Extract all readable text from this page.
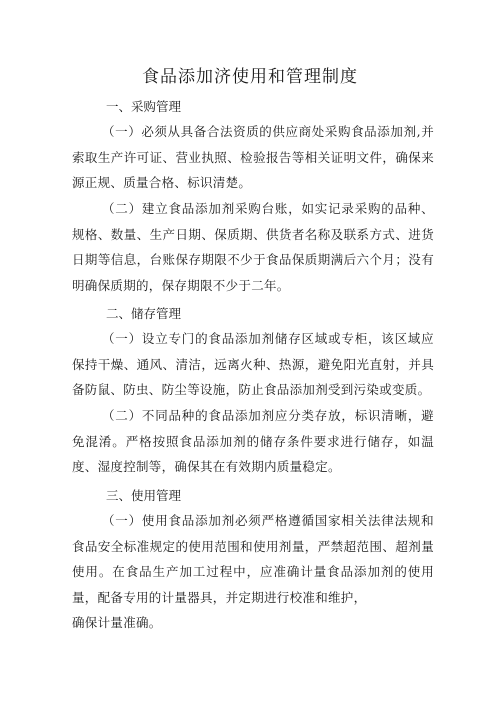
食品添加济使用和管理制度
一、采购管理
（一）必须从具备合法资质的供应商处采购食品添加剂,并索取生产许可证、营业执照、检验报告等相关证明文件，确保来源正规、质量合格、标识清楚。
（二）建立食品添加剂采购台账，如实记录采购的品种、规格、数量、生产日期、保质期、供货者名称及联系方式、进货日期等信息，台账保存期限不少于食品保质期满后六个月；没有明确保质期的，保存期限不少于二年。
二、储存管理
（一）设立专门的食品添加剂储存区域或专柜，该区域应保持干燥、通风、清洁，远离火种、热源，避免阳光直射，并具备防鼠、防虫、防尘等设施，防止食品添加剂受到污染或变质。
（二）不同品种的食品添加剂应分类存放，标识清晰，避免混淆。严格按照食品添加剂的储存条件要求进行储存，如温度、湿度控制等，确保其在有效期内质量稳定。
三、使用管理
（一）使用食品添加剂必须严格遵循国家相关法律法规和食品安全标准规定的使用范围和使用剂量，严禁超范围、超剂量使用。在食品生产加工过程中，应准确计量食品添加剂的使用量，配备专用的计量器具，并定期进行校准和维护，
确保计量准确。
